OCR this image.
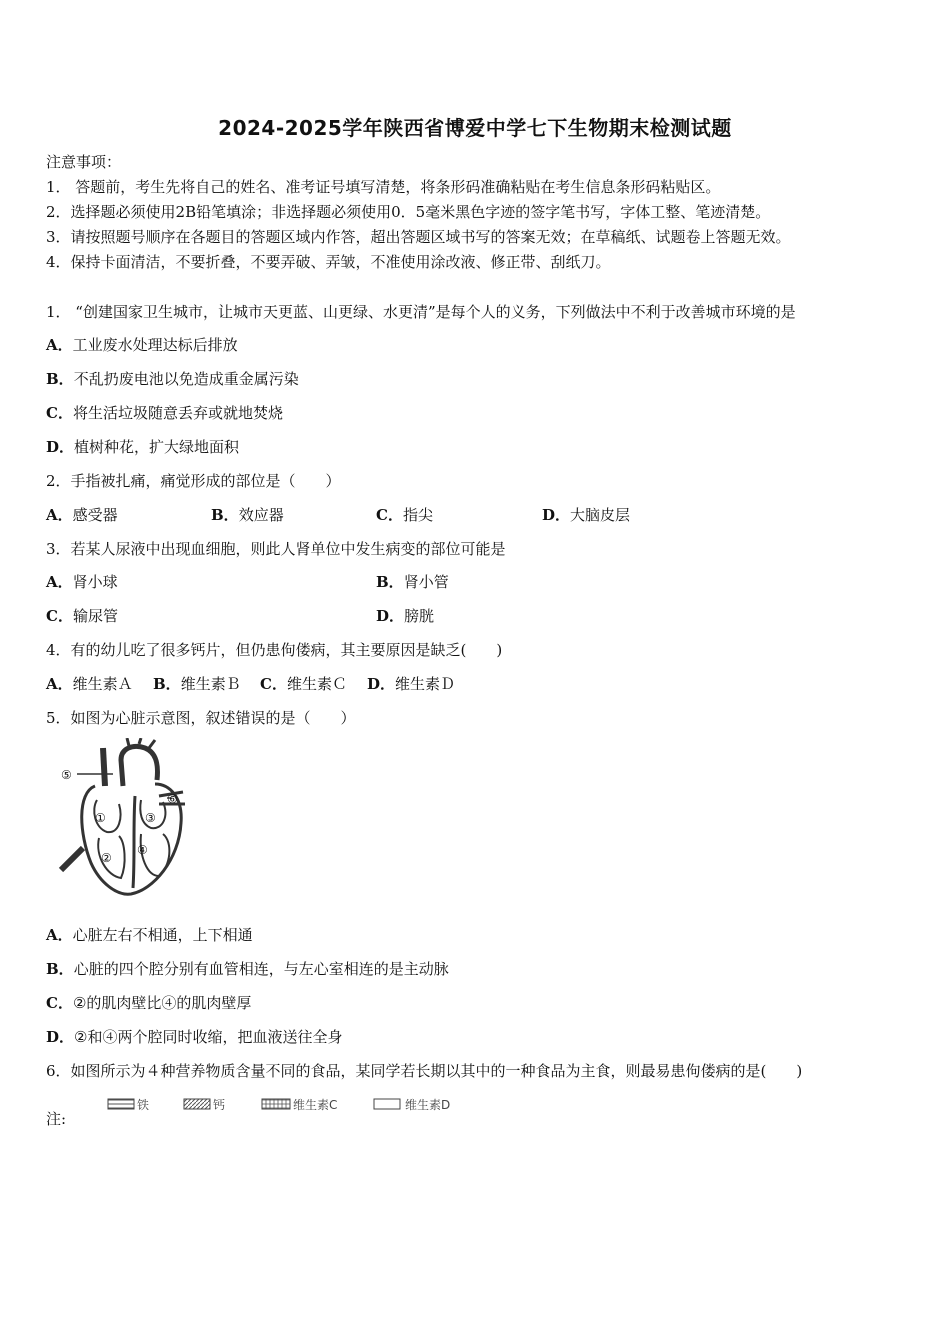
2024-2025学年陕西省博爱中学七下生物期末检测试题
注意事项：
1． 答题前，考生先将自己的姓名、准考证号填写清楚，将条形码准确粘贴在考生信息条形码粘贴区。
2．选择题必须使用2B铅笔填涂；非选择题必须使用0．5毫米黑色字迹的签字笔书写，字体工整、笔迹清楚。
3．请按照题号顺序在各题目的答题区域内作答，超出答题区域书写的答案无效；在草稿纸、试题卷上答题无效。
4．保持卡面清洁，不要折叠，不要弄破、弄皱，不准使用涂改液、修正带、刮纸刀。
1． “创建国家卫生城市，让城市天更蓝、山更绿、水更清”是每个人的义务，下列做法中不利于改善城市环境的是
A．工业废水处理达标后排放
B．不乱扔废电池以免造成重金属污染
C．将生活垃圾随意丢弃或就地焚烧
D．植树种花，扩大绿地面积
2．手指被扎痛，痛觉形成的部位是（　　）
A．感受器	B．效应器	C．指尖	D．大脑皮层
3．若某人尿液中出现血细胞，则此人肾单位中发生病变的部位可能是
A．肾小球	B．肾小管
C．输尿管	D．膀胱
4．有的幼儿吃了很多钙片，但仍患佝偻病，其主要原因是缺乏(　　)
A．维生素Ａ B．维生素Ｂ C．维生素Ｃ D．维生素Ｄ
5．如图为心脏示意图，叙述错误的是（　　）
⑤
⑥
①	③
②
④
A．心脏左右不相通，上下相通
B．心脏的四个腔分别有血管相连，与左心室相连的是主动脉
C．②的肌肉壁比④的肌肉壁厚
D．②和④两个腔同时收缩，把血液送往全身
6．如图所示为４种营养物质含量不同的食品，某同学若长期以其中的一种食品为主食，则最易患佝偻病的是(　　)
注:
铁	钙	维生素C	维生素D
